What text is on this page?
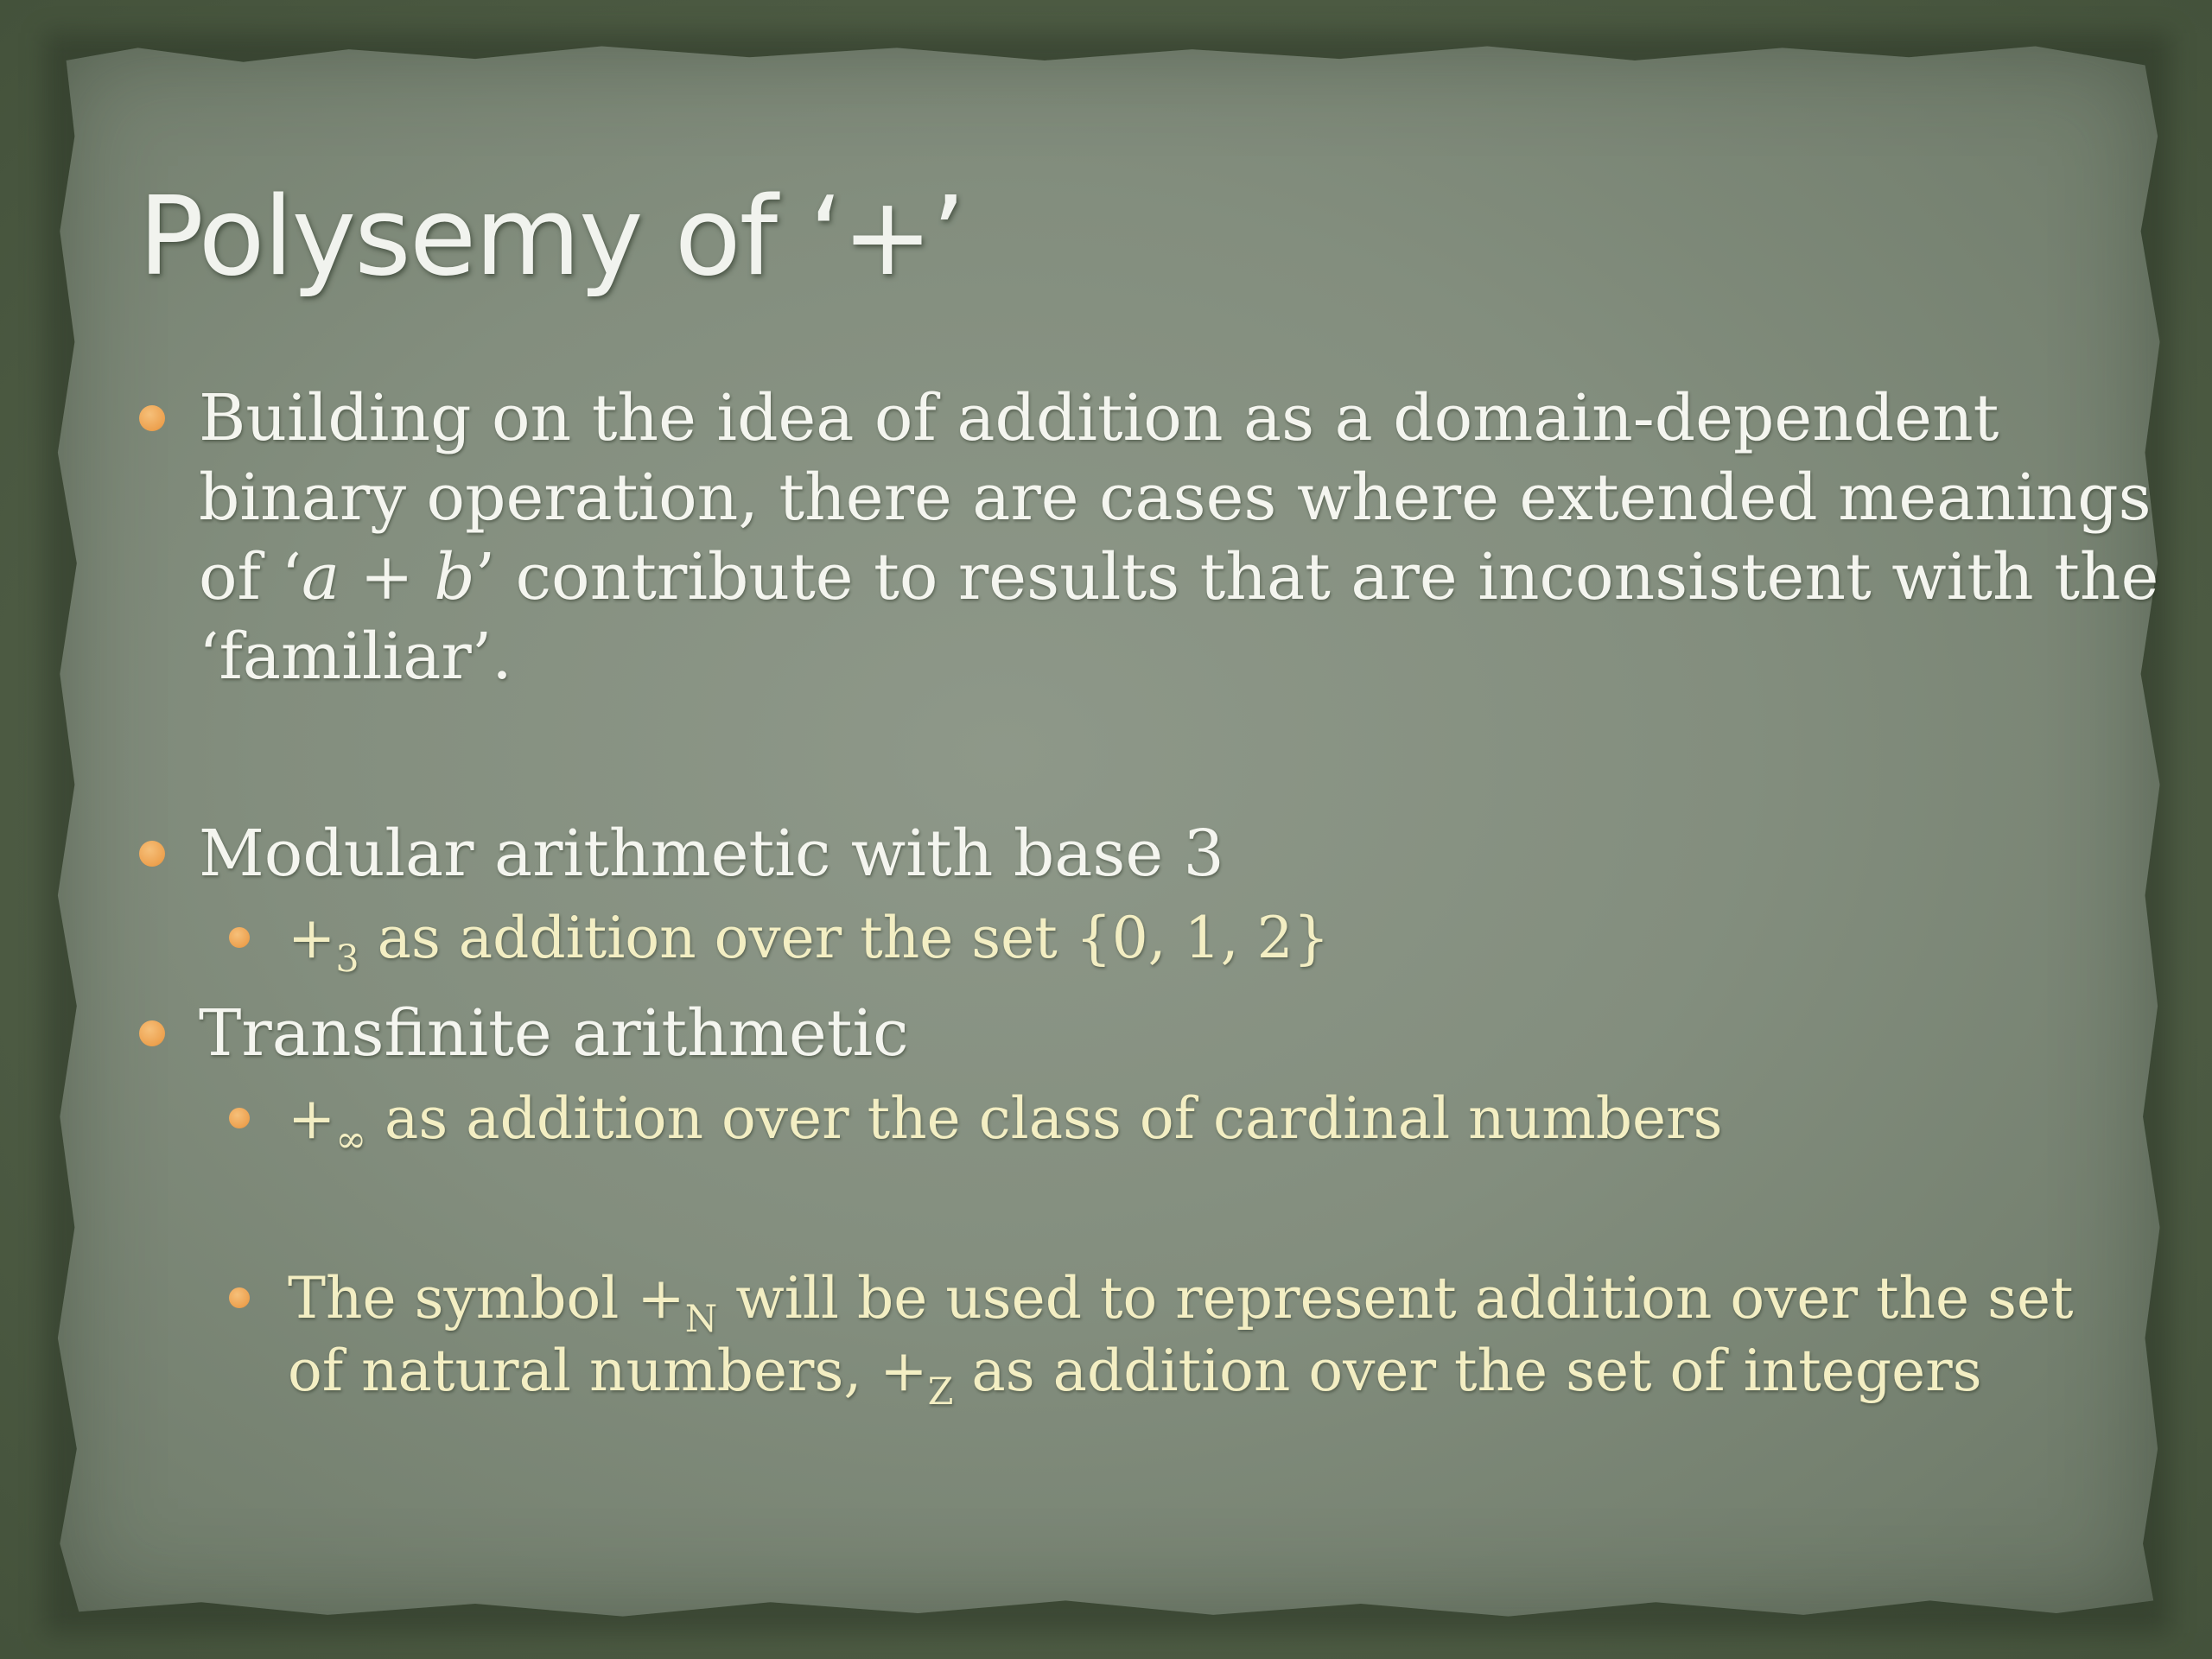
Polysemy of ‘+’
Building on the idea of addition as a domain-dependent
binary operation, there are cases where extended meanings
of ‘a + b’ contribute to results that are inconsistent with the
‘familiar’.
Modular arithmetic with base 3
$+_3$ as addition over the set {0, 1, 2}
Transfinite arithmetic
$+_\infty$ as addition over the class of cardinal numbers
The symbol $+_N$ will be used to represent addition over the set
of natural numbers, $+_Z$ as addition over the set of integers
